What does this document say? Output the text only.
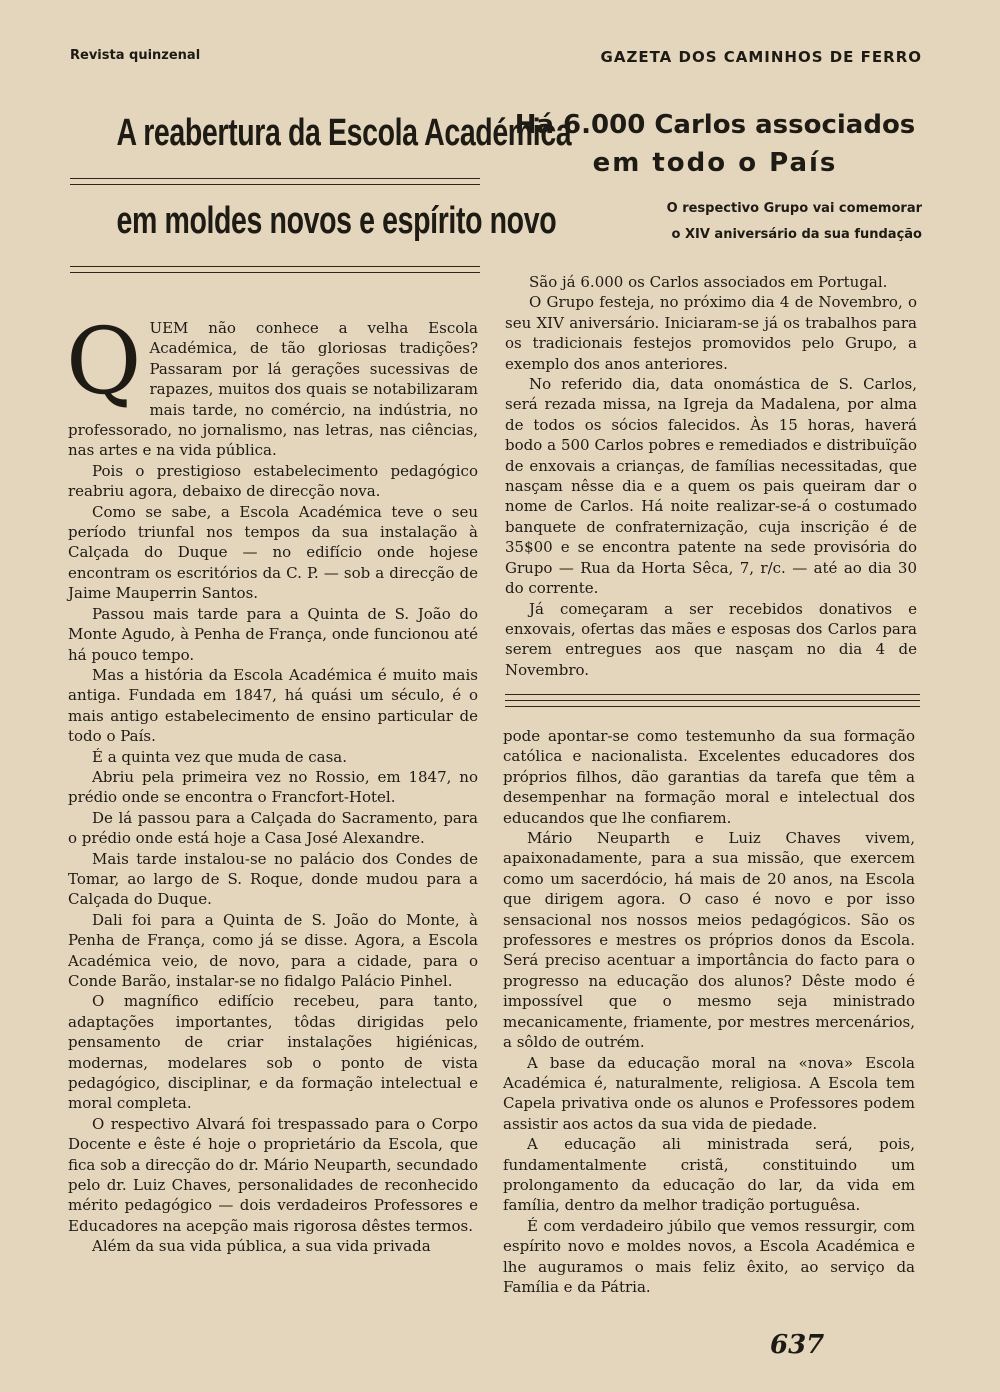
Revista quinzenal	GAZETA DOS CAMINHOS DE FERRO
A reabertura da Escola Académica
em moldes novos e espírito novo
Há 6.000 Carlos associados
em todo o País
O respectivo Grupo vai comemorar
o XIV aniversário da sua fundação

QUEM não conhece a velha Escola Académica, de tão gloriosas tradições? Passaram por lá gerações sucessivas de rapazes, muitos dos quais se notabilizaram mais tarde, no comércio, na indústria, no professorado, no jornalismo, nas letras, nas ciências, nas artes e na vida pública.

Pois o prestigioso estabelecimento pedagógico reabriu agora, debaixo de direcção nova.

Como se sabe, a Escola Académica teve o seu período triunfal nos tempos da sua instalação à Calçada do Duque — no edifício onde hojese encontram os escritórios da C. P. — sob a direcção de Jaime Mauperrin Santos.

Passou mais tarde para a Quinta de S. João do Monte Agudo, à Penha de França, onde funcionou até há pouco tempo.

Mas a história da Escola Académica é muito mais antiga. Fundada em 1847, há quási um século, é o mais antigo estabelecimento de ensino particular de todo o País.

É a quinta vez que muda de casa.

Abriu pela primeira vez no Rossio, em 1847, no prédio onde se encontra o Francfort-Hotel.

De lá passou para a Calçada do Sacramento, para o prédio onde está hoje a Casa José Alexandre.

Mais tarde instalou-se no palácio dos Condes de Tomar, ao largo de S. Roque, donde mudou para a Calçada do Duque.

Dali foi para a Quinta de S. João do Monte, à Penha de França, como já se disse. Agora, a Escola Académica veio, de novo, para a cidade, para o Conde Barão, instalar-se no fidalgo Palácio Pinhel.

O magnífico edifício recebeu, para tanto, adaptações importantes, tôdas dirigidas pelo pensamento de criar instalações higiénicas, modernas, modelares sob o ponto de vista pedagógico, disciplinar, e da formação intelectual e moral completa.

O respectivo Alvará foi trespassado para o Corpo Docente e êste é hoje o proprietário da Escola, que fica sob a direcção do dr. Mário Neuparth, secundado pelo dr. Luiz Chaves, personalidades de reconhecido mérito pedagógico — dois verdadeiros Professores e Educadores na acepção mais rigorosa dêstes termos.

Além da sua vida pública, a sua vida privada

São já 6.000 os Carlos associados em Portugal.

O Grupo festeja, no próximo dia 4 de Novembro, o seu XIV aniversário. Iniciaram-se já os trabalhos para os tradicionais festejos promovidos pelo Grupo, a exemplo dos anos anteriores.

No referido dia, data onomástica de S. Carlos, será rezada missa, na Igreja da Madalena, por alma de todos os sócios falecidos. Às 15 horas, haverá bodo a 500 Carlos pobres e remediados e distribuïção de enxovais a crianças, de famílias necessitadas, que nasçam nêsse dia e a quem os pais queiram dar o nome de Carlos. Há noite realizar-se-á o costumado banquete de confraternização, cuja inscrição é de 35$00 e se encontra patente na sede provisória do Grupo — Rua da Horta Sêca, 7, r/c. — até ao dia 30 do corrente.

Já começaram a ser recebidos donativos e enxovais, ofertas das mães e esposas dos Carlos para serem entregues aos que nasçam no dia 4 de Novembro.

pode apontar-se como testemunho da sua formação católica e nacionalista. Excelentes educadores dos próprios filhos, dão garantias da tarefa que têm a desempenhar na formação moral e intelectual dos educandos que lhe confiarem.

Mário Neuparth e Luiz Chaves vivem, apaixonadamente, para a sua missão, que exercem como um sacerdócio, há mais de 20 anos, na Escola que dirigem agora. O caso é novo e por isso sensacional nos nossos meios pedagógicos. São os professores e mestres os próprios donos da Escola. Será preciso acentuar a importância do facto para o progresso na educação dos alunos? Dêste modo é impossível que o mesmo seja ministrado mecanicamente, friamente, por mestres mercenários, a sôldo de outrém.

A base da educação moral na «nova» Escola Académica é, naturalmente, religiosa. A Escola tem Capela privativa onde os alunos e Professores podem assistir aos actos da sua vida de piedade.

A educação ali ministrada será, pois, fundamentalmente cristã, constituindo um prolongamento da educação do lar, da vida em família, dentro da melhor tradição portuguêsa.

É com verdadeiro júbilo que vemos ressurgir, com espírito novo e moldes novos, a Escola Académica e lhe auguramos o mais feliz êxito, ao serviço da Família e da Pátria.

637
